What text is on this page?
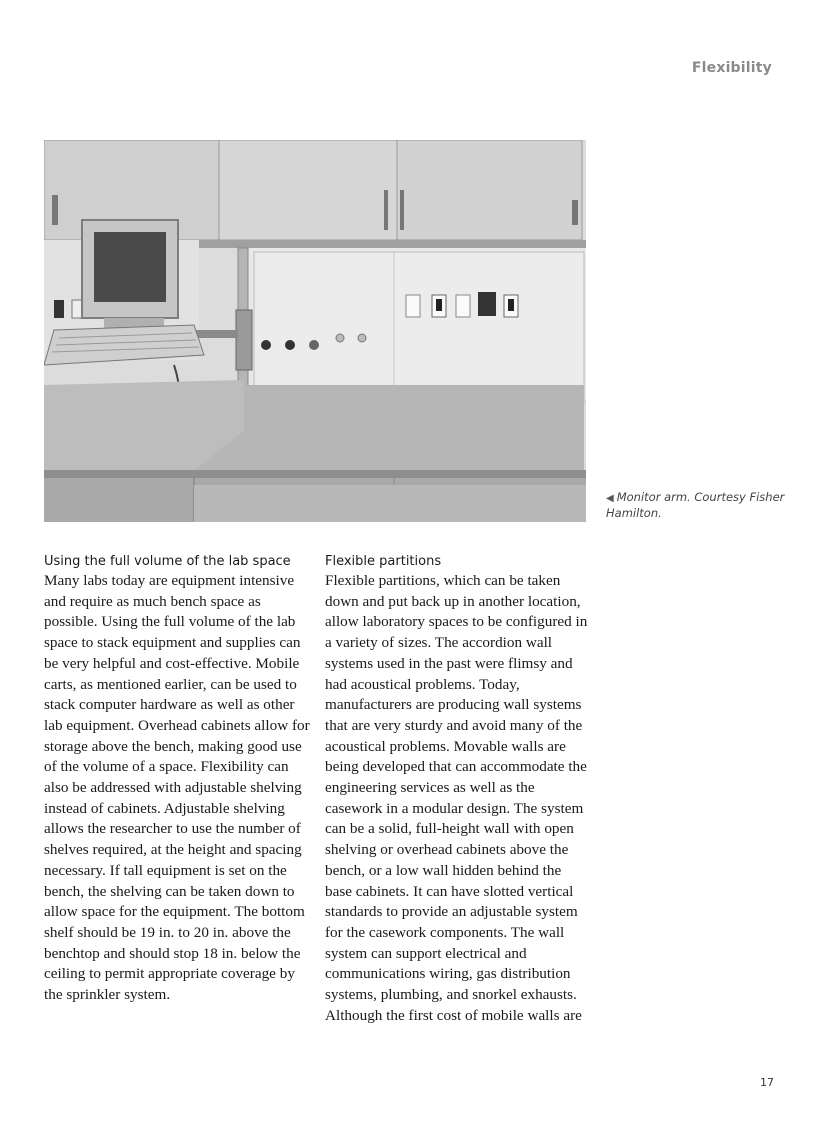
Flexibility
◀ Monitor arm. Courtesy Fisher Hamilton.
Using the full volume of the lab space

Many labs today are equipment intensive and require as much bench space as possible. Using the full volume of the lab space to stack equipment and supplies can be very helpful and cost-effective. Mobile carts, as mentioned earlier, can be used to stack computer hardware as well as other lab equipment. Overhead cabinets allow for storage above the bench, making good use of the volume of a space. Flexibility can also be addressed with adjustable shelving instead of cabinets. Adjustable shelving allows the researcher to use the number of shelves required, at the height and spacing necessary. If tall equipment is set on the bench, the shelving can be taken down to allow space for the equipment. The bottom shelf should be 19 in. to 20 in. above the benchtop and should stop 18 in. below the ceiling to permit appropriate coverage by the sprinkler system.

Flexible partitions

Flexible partitions, which can be taken down and put back up in another location, allow laboratory spaces to be configured in a variety of sizes. The accordion wall systems used in the past were flimsy and had acoustical problems. Today, manufacturers are producing wall systems that are very sturdy and avoid many of the acoustical problems. Movable walls are being developed that can accommodate the engineering services as well as the casework in a modular design. The system can be a solid, full-height wall with open shelving or overhead cabinets above the bench, or a low wall hidden behind the base cabinets. It can have slotted vertical standards to provide an adjustable system for the casework components. The wall system can support electrical and communications wiring, gas distribution systems, plumbing, and snorkel exhausts. Although the first cost of mobile walls are

17
